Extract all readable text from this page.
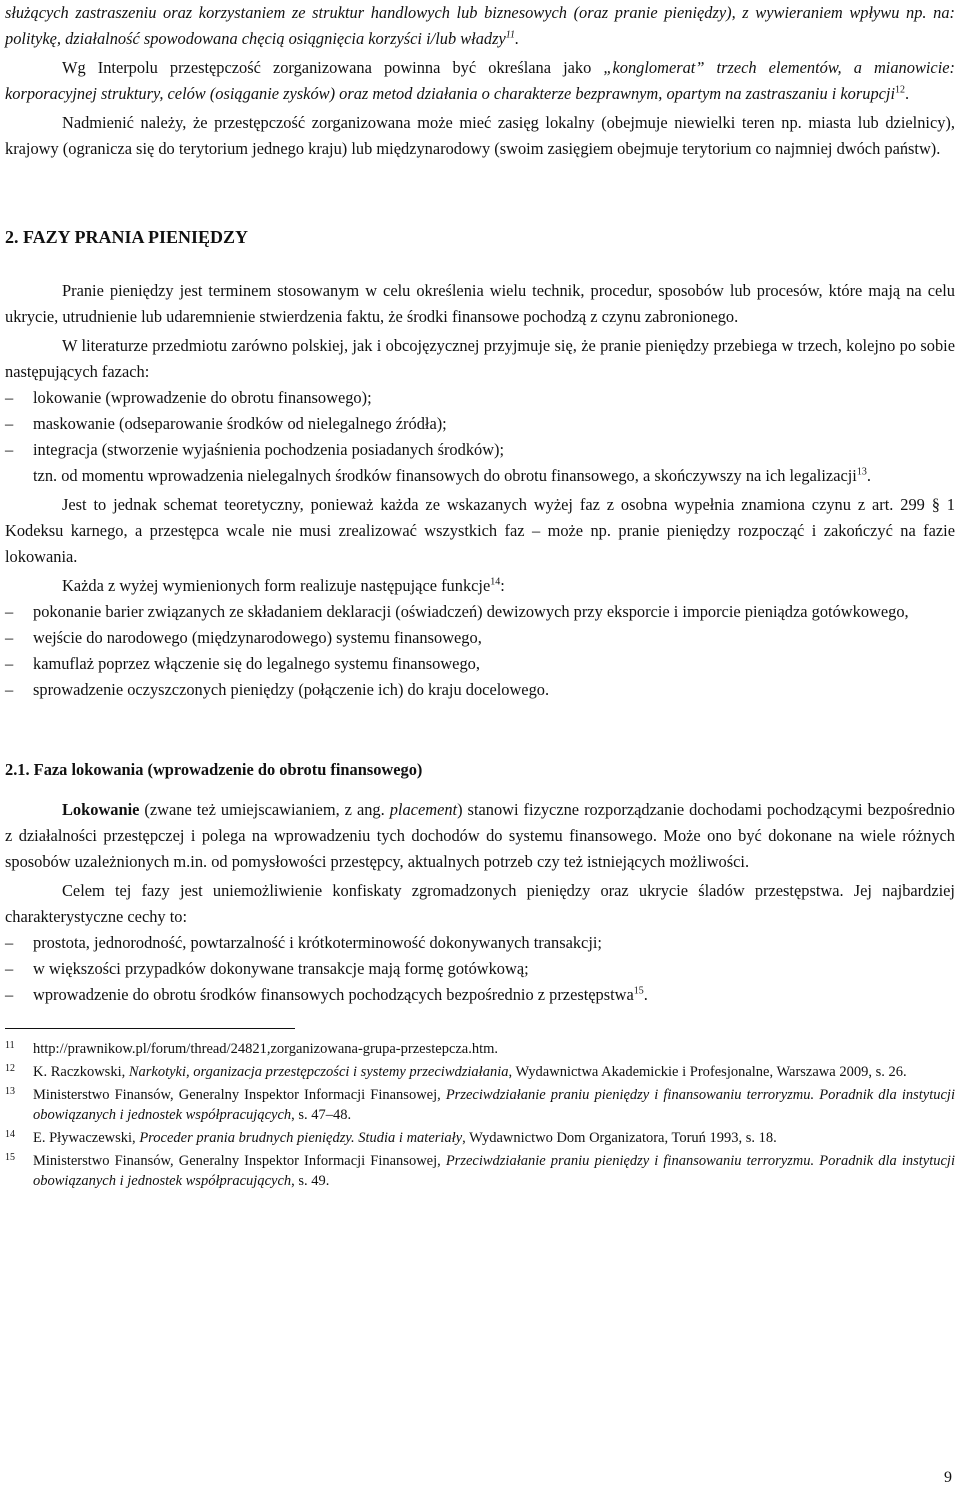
służących zastraszeniu oraz korzystaniem ze struktur handlowych lub biznesowych (oraz pranie pieniędzy), z wywieraniem wpływu np. na: politykę, działalność spowodowana chęcią osiągnięcia korzyści i/lub władzy$^{11}$.

Wg Interpolu przestępczość zorganizowana powinna być określana jako „konglomerat” trzech elementów, a mianowicie: korporacyjnej struktury, celów (osiąganie zysków) oraz metod działania o charakterze bezprawnym, opartym na zastraszaniu i korupcji$^{12}$.

Nadmienić należy, że przestępczość zorganizowana może mieć zasięg lokalny (obejmuje niewielki teren np. miasta lub dzielnicy), krajowy (ogranicza się do terytorium jednego kraju) lub międzynarodowy (swoim zasięgiem obejmuje terytorium co najmniej dwóch państw).

2. FAZY PRANIA PIENIĘDZY

Pranie pieniędzy jest terminem stosowanym w celu określenia wielu technik, procedur, sposobów lub procesów, które mają na celu ukrycie, utrudnienie lub udaremnienie stwierdzenia faktu, że środki finansowe pochodzą z czynu zabronionego.

W literaturze przedmiotu zarówno polskiej, jak i obcojęzycznej przyjmuje się, że pranie pieniędzy przebiega w trzech, kolejno po sobie następujących fazach:

–	lokowanie (wprowadzenie do obrotu finansowego);
–	maskowanie (odseparowanie środków od nielegalnego źródła);
–	integracja (stworzenie wyjaśnienia pochodzenia posiadanych środków);

tzn. od momentu wprowadzenia nielegalnych środków finansowych do obrotu finansowego, a skończywszy na ich legalizacji$^{13}$.

Jest to jednak schemat teoretyczny, ponieważ każda ze wskazanych wyżej faz z osobna wypełnia znamiona czynu z art. 299 § 1 Kodeksu karnego, a przestępca wcale nie musi zrealizować wszystkich faz – może np. pranie pieniędzy rozpocząć i zakończyć na fazie lokowania.

Każda z wyżej wymienionych form realizuje następujące funkcje$^{14}$:

–	pokonanie barier związanych ze składaniem deklaracji (oświadczeń) dewizowych przy eksporcie i imporcie pieniądza gotówkowego,
–	wejście do narodowego (międzynarodowego) systemu finansowego,
–	kamuflaż poprzez włączenie się do legalnego systemu finansowego,
–	sprowadzenie oczyszczonych pieniędzy (połączenie ich) do kraju docelowego.
2.1. Faza lokowania (wprowadzenie do obrotu finansowego)

Lokowanie (zwane też umiejscawianiem, z ang. placement) stanowi fizyczne rozporządzanie dochodami pochodzącymi bezpośrednio z działalności przestępczej i polega na wprowadzeniu tych dochodów do systemu finansowego. Może ono być dokonane na wiele różnych sposobów uzależnionych m.in. od pomysłowości przestępcy, aktualnych potrzeb czy też istniejących możliwości.

Celem tej fazy jest uniemożliwienie konfiskaty zgromadzonych pieniędzy oraz ukrycie śladów przestępstwa. Jej najbardziej charakterystyczne cechy to:

–	prostota, jednorodność, powtarzalność i krótkoterminowość dokonywanych transakcji;
–	w większości przypadków dokonywane transakcje mają formę gotówkową;
–	wprowadzenie do obrotu środków finansowych pochodzących bezpośrednio z przestępstwa$^{15}$.
11	http://prawnikow.pl/forum/thread/24821,zorganizowana-grupa-przestepcza.htm.
12	K. Raczkowski, Narkotyki, organizacja przestępczości i systemy przeciwdziałania, Wydawnictwa Akademickie i Profesjonalne, Warszawa 2009, s. 26.
13	Ministerstwo Finansów, Generalny Inspektor Informacji Finansowej, Przeciwdziałanie praniu pieniędzy i finansowaniu terroryzmu. Poradnik dla instytucji obowiązanych i jednostek współpracujących, s. 47–48.
14	E. Pływaczewski, Proceder prania brudnych pieniędzy. Studia i materiały, Wydawnictwo Dom Organizatora, Toruń 1993, s. 18.
15	Ministerstwo Finansów, Generalny Inspektor Informacji Finansowej, Przeciwdziałanie praniu pieniędzy i finansowaniu terroryzmu. Poradnik dla instytucji obowiązanych i jednostek współpracujących, s. 49.
9
